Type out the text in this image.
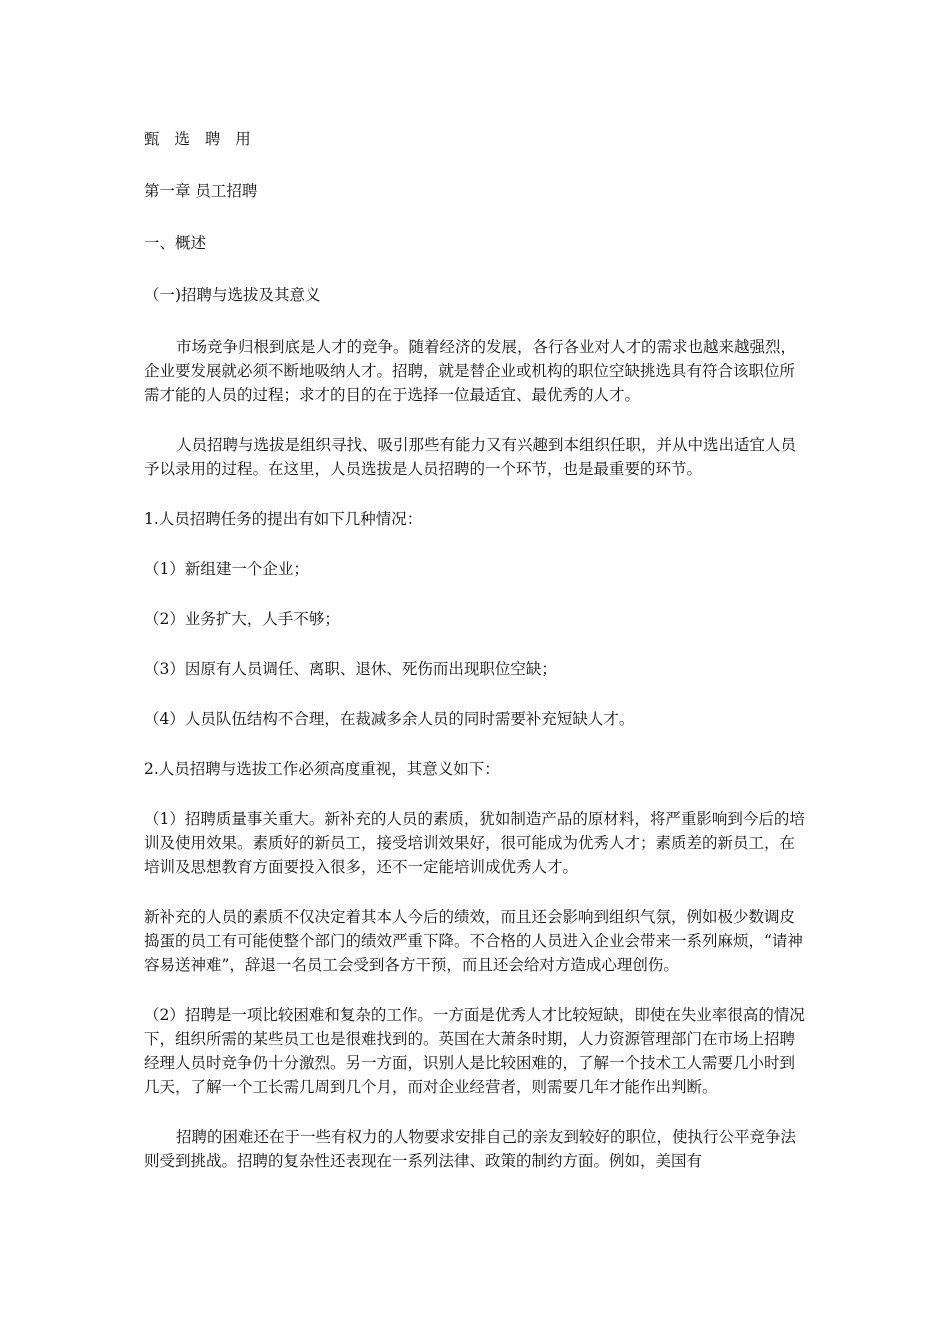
甄 选 聘 用

第一章 员工招聘

一、概述

（一)招聘与选拔及其意义

市场竞争归根到底是人才的竞争。随着经济的发展，各行各业对人才的需求也越来越强烈，企业要发展就必须不断地吸纳人才。招聘，就是替企业或机构的职位空缺挑选具有符合该职位所需才能的人员的过程；求才的目的在于选择一位最适宜、最优秀的人才。

人员招聘与选拔是组织寻找、吸引那些有能力又有兴趣到本组织任职，并从中选出适宜人员予以录用的过程。在这里，人员选拔是人员招聘的一个环节，也是最重要的环节。

1.人员招聘任务的提出有如下几种情况：

（1）新组建一个企业；

（2）业务扩大，人手不够；

（3）因原有人员调任、离职、退休、死伤而出现职位空缺；

（4）人员队伍结构不合理，在裁减多余人员的同时需要补充短缺人才。

2.人员招聘与选拔工作必须高度重视，其意义如下：

（1）招聘质量事关重大。新补充的人员的素质，犹如制造产品的原材料，将严重影响到今后的培训及使用效果。素质好的新员工，接受培训效果好，很可能成为优秀人才；素质差的新员工，在培训及思想教育方面要投入很多，还不一定能培训成优秀人才。

新补充的人员的素质不仅决定着其本人今后的绩效，而且还会影响到组织气氛，例如极少数调皮捣蛋的员工有可能使整个部门的绩效严重下降。不合格的人员进入企业会带来一系列麻烦，“请神容易送神难”，辞退一名员工会受到各方干预，而且还会给对方造成心理创伤。

（2）招聘是一项比较困难和复杂的工作。一方面是优秀人才比较短缺，即使在失业率很高的情况下，组织所需的某些员工也是很难找到的。英国在大萧条时期，人力资源管理部门在市场上招聘经理人员时竞争仍十分激烈。另一方面，识别人是比较困难的，了解一个技术工人需要几小时到几天，了解一个工长需几周到几个月，而对企业经营者，则需要几年才能作出判断。

招聘的困难还在于一些有权力的人物要求安排自己的亲友到较好的职位，使执行公平竞争法则受到挑战。招聘的复杂性还表现在一系列法律、政策的制约方面。例如，美国有
